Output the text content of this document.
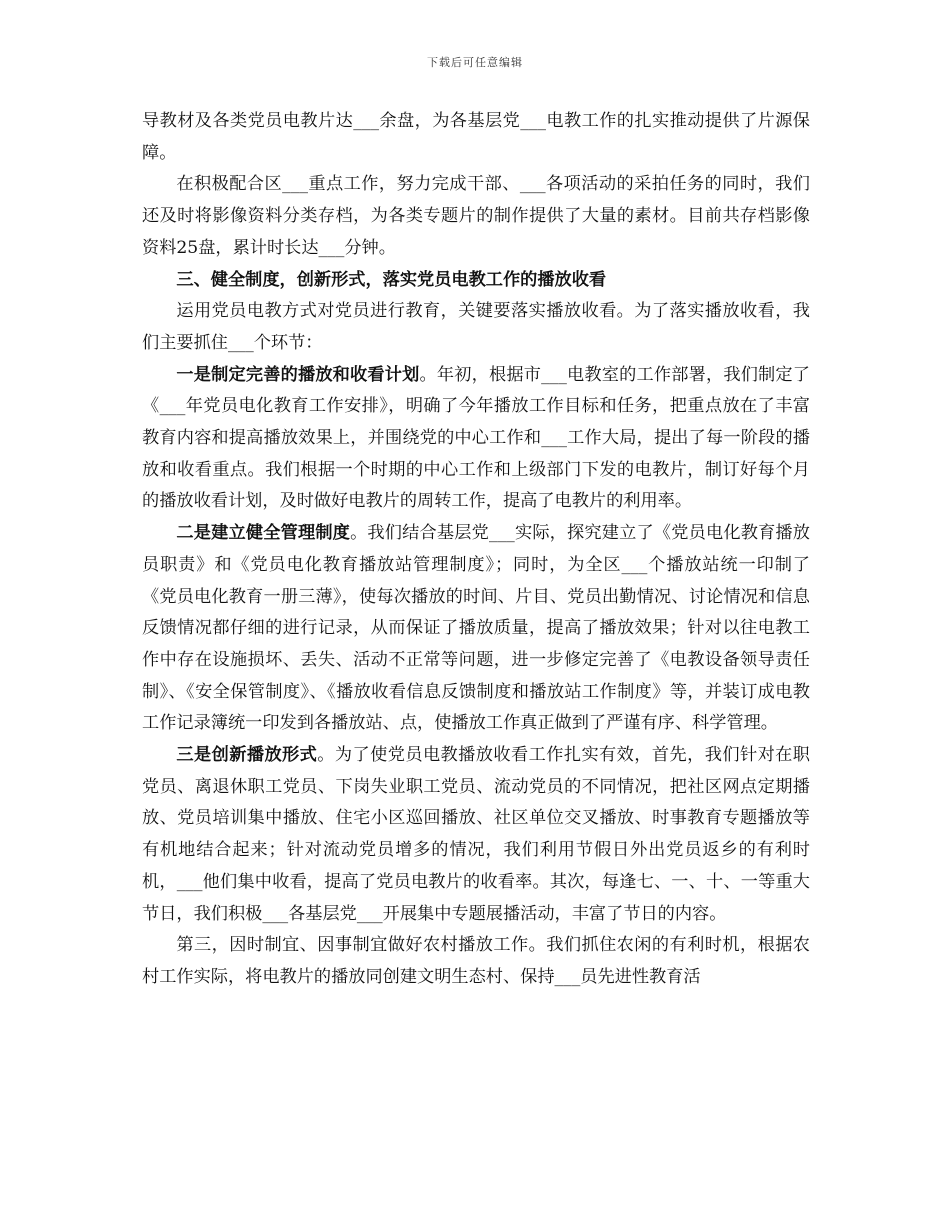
下载后可任意编辑

导教材及各类党员电教片达___余盘，为各基层党___电教工作的扎实推动提供了片源保障。

在积极配合区___重点工作，努力完成干部、___各项活动的采拍任务的同时，我们还及时将影像资料分类存档，为各类专题片的制作提供了大量的素材。目前共存档影像资料25盘，累计时长达___分钟。

三、健全制度，创新形式，落实党员电教工作的播放收看

运用党员电教方式对党员进行教育，关键要落实播放收看。为了落实播放收看，我们主要抓住___个环节：

一是制定完善的播放和收看计划。年初，根据市___电教室的工作部署，我们制定了《___年党员电化教育工作安排》，明确了今年播放工作目标和任务，把重点放在了丰富教育内容和提高播放效果上，并围绕党的中心工作和___工作大局，提出了每一阶段的播放和收看重点。我们根据一个时期的中心工作和上级部门下发的电教片，制订好每个月的播放收看计划，及时做好电教片的周转工作，提高了电教片的利用率。

二是建立健全管理制度。我们结合基层党___实际，探究建立了《党员电化教育播放员职责》和《党员电化教育播放站管理制度》；同时，为全区___个播放站统一印制了《党员电化教育一册三薄》，使每次播放的时间、片目、党员出勤情况、讨论情况和信息反馈情况都仔细的进行记录，从而保证了播放质量，提高了播放效果；针对以往电教工作中存在设施损坏、丢失、活动不正常等问题，进一步修定完善了《电教设备领导责任制》、《安全保管制度》、《播放收看信息反馈制度和播放站工作制度》等，并装订成电教工作记录簿统一印发到各播放站、点，使播放工作真正做到了严谨有序、科学管理。

三是创新播放形式。为了使党员电教播放收看工作扎实有效，首先，我们针对在职党员、离退休职工党员、下岗失业职工党员、流动党员的不同情况，把社区网点定期播放、党员培训集中播放、住宅小区巡回播放、社区单位交叉播放、时事教育专题播放等有机地结合起来；针对流动党员增多的情况，我们利用节假日外出党员返乡的有利时机，___他们集中收看，提高了党员电教片的收看率。其次，每逢七、一、十、一等重大节日，我们积极___各基层党___开展集中专题展播活动，丰富了节日的内容。

第三，因时制宜、因事制宜做好农村播放工作。我们抓住农闲的有利时机，根据农村工作实际，将电教片的播放同创建文明生态村、保持___员先进性教育活
